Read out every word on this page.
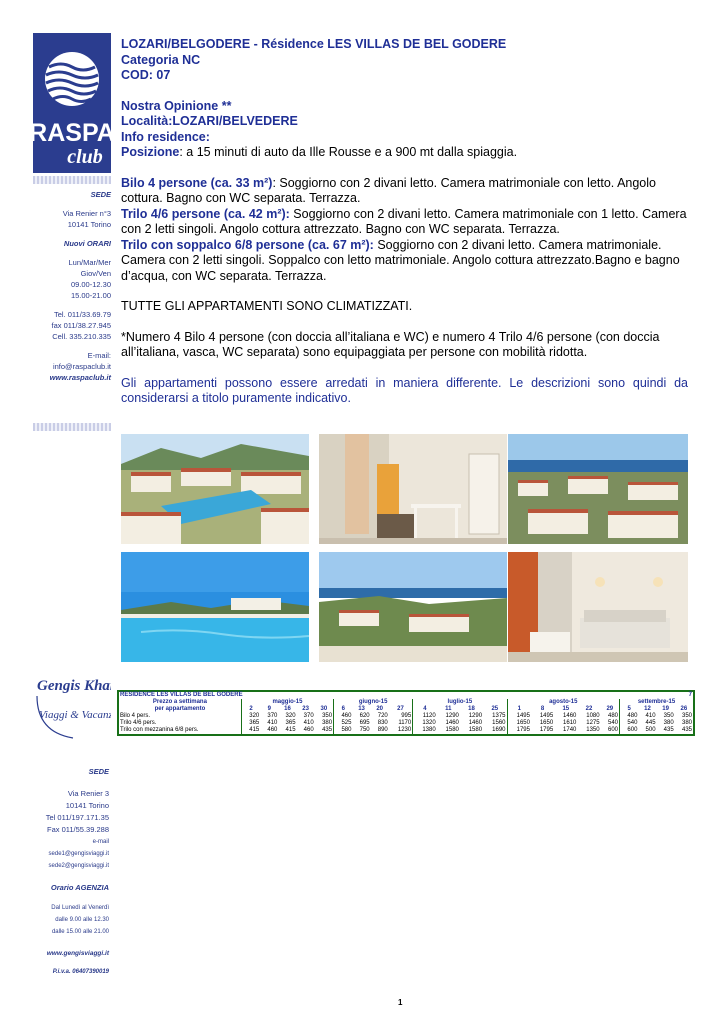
RASPA
club
SEDE
Via Renier n°3
10141 Torino
Nuovi ORARI
Lun/Mar/Mer
Giov/Ven
09.00-12.30
15.00-21.00
Tel. 011/33.69.79
fax 011/38.27.945
Cell. 335.210.335
E-mail:
info@raspaclub.it
www.raspaclub.it
Gengis Khan
Viaggi & Vacanze
SEDE
Via Renier 3
10141 Torino
Tel 011/197.171.35
Fax 011/55.39.288
e-mail
sede1@gengisviaggi.it
sede2@gengisviaggi.it
Orario AGENZIA
Dal Lunedì al Venerdì
dalle 9.00 alle 12.30
dalle 15.00 alle 21.00
www.gengisviaggi.it
P.i.v.a. 06407390019

LOZARI/BELGODERE - Résidence LES VILLAS DE BEL GODERE

Categoria NC

COD: 07

Nostra Opinione **

Località:LOZARI/BELVEDERE

Info residence:

Posizione: a 15 minuti di auto da Ille Rousse e a 900 mt dalla spiaggia.

Bilo 4 persone (ca. 33 m²): Soggiorno con 2 divani letto. Camera matrimoniale con letto. Angolo cottura. Bagno con WC separata. Terrazza.

Trilo 4/6 persone (ca. 42 m²): Soggiorno con 2 divani letto. Camera matrimoniale con 1 letto. Camera con 2 letti singoli. Angolo cottura attrezzato. Bagno con WC separata. Terrazza.

Trilo con soppalco 6/8 persone (ca. 67 m²): Soggiorno con 2 divani letto. Camera matrimoniale. Camera con 2 letti singoli. Soppalco con letto matrimoniale. Angolo cottura attrezzato.Bagno e bagno d’acqua, con WC separata. Terrazza.

TUTTE GLI APPARTAMENTI SONO CLIMATIZZATI.

*Numero 4 Bilo 4 persone (con doccia all’italiana e WC) e numero 4 Trilo 4/6 persone (con doccia all’italiana, vasca, WC separata) sono equipaggiata per persone con mobilità ridotta.

Gli appartamenti possono essere arredati in maniera differente. Le descrizioni sono quindi da considerarsi a titolo puramente indicativo.

RESIDENCE LES VILLAS DE BEL GODERE																						7
Prezzo a settimana	maggio-15					giugno-15				luglio-15				agosto-15					settembre-15			
per appartamento	2	9	16	23	30	6	13	20	27	4	11	18	25	1	8	15	22	29	5	12	19	26
Bilo 4 pers.	320	370	320	370	350	460	620	720	995	1120	1290	1290	1375	1495	1495	1460	1080	480	480	410	350	350
Trilo 4/6 pers.	365	410	365	410	380	525	695	830	1170	1320	1460	1460	1560	1650	1650	1610	1275	540	540	445	380	380
Trilo con mezzanina 6/8 pers.	415	460	415	460	435	580	750	890	1230	1380	1580	1580	1690	1795	1795	1740	1350	600	600	500	435	435
1
